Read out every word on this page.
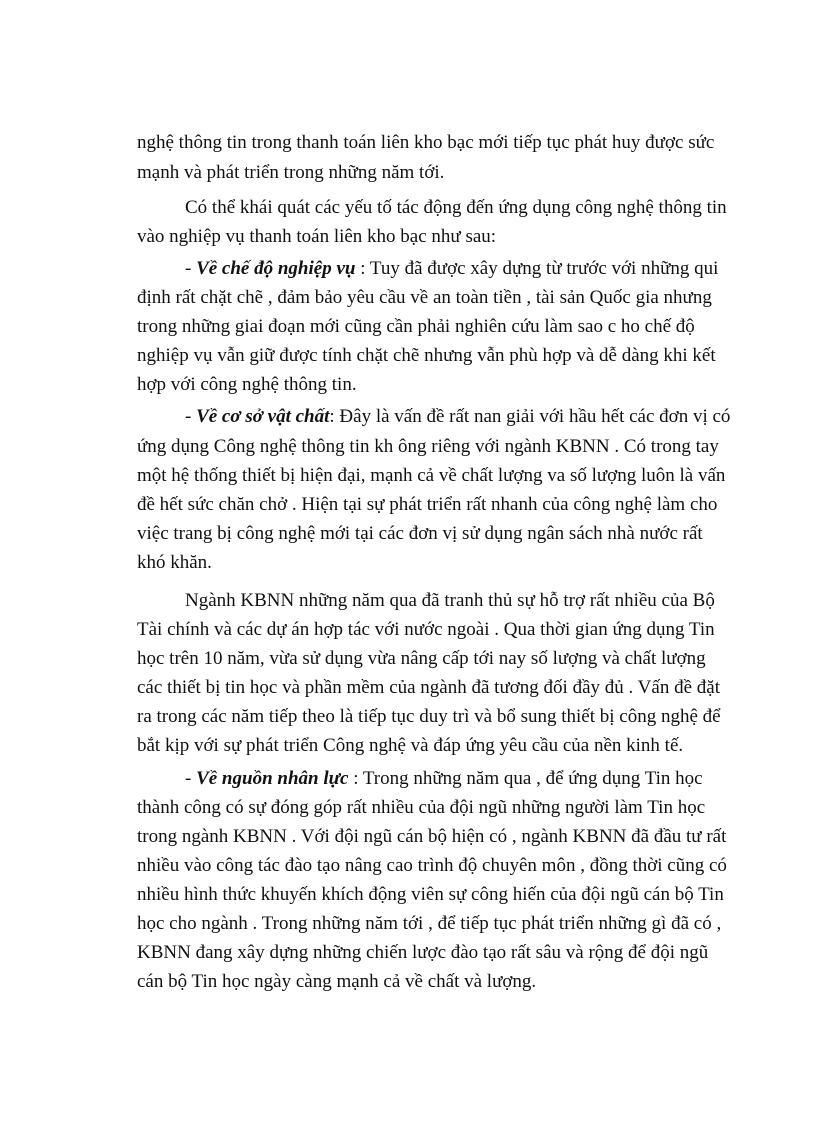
nghệ thông tin trong thanh toán liên kho bạc mới tiếp tục phát huy được sức
mạnh và phát triển trong những năm tới.
Có thể khái quát các yếu tố tác động đến ứng dụng công nghệ thông tin
vào nghiệp vụ thanh toán liên kho bạc như sau:
- Về chế độ nghiệp vụ : Tuy đã được xây dựng từ trước với những qui
định rất chặt chẽ , đảm bảo yêu cầu về an toàn tiền , tài sản Quốc gia nhưng
trong những giai đoạn mới cũng cần phải nghiên cứu làm sao c ho chế độ
nghiệp vụ vẫn giữ được tính chặt chẽ nhưng vẫn phù hợp và dễ dàng khi kết
hợp với công nghệ thông tin.
- Về cơ sở vật chất: Đây là vấn đề rất nan giải với hầu hết các đơn vị có
ứng dụng Công nghệ thông tin kh ông riêng với ngành KBNN . Có trong tay
một hệ thống thiết bị hiện đại, mạnh cả về chất lượng va số lượng luôn là vấn
đề hết sức chăn chở . Hiện tại sự phát triển rất nhanh của công nghệ làm cho
việc trang bị công nghệ mới tại các đơn vị sử dụng ngân sách nhà nước rất
khó khăn.
Ngành KBNN những năm qua đã tranh thủ sự hỗ trợ rất nhiều của Bộ
Tài chính và các dự án hợp tác với nước ngoài . Qua thời gian ứng dụng Tin
học trên 10 năm, vừa sử dụng vừa nâng cấp tới nay số lượng và chất lượng
các thiết bị tin học và phần mềm của ngành đã tương đối đầy đủ . Vấn đề đặt
ra trong các năm tiếp theo là tiếp tục duy trì và bổ sung thiết bị công nghệ để
bắt kịp với sự phát triển Công nghệ và đáp ứng yêu cầu của nền kinh tế.
- Về nguồn nhân lực : Trong những năm qua , để ứng dụng Tin học
thành công có sự đóng góp rất nhiều của đội ngũ những người làm Tin học
trong ngành KBNN . Với đội ngũ cán bộ hiện có , ngành KBNN đã đầu tư rất
nhiều vào công tác đào tạo nâng cao trình độ chuyên môn , đồng thời cũng có
nhiều hình thức khuyến khích động viên sự công hiến của đội ngũ cán bộ Tin
học cho ngành . Trong những năm tới , để tiếp tục phát triển những gì đã có ,
KBNN đang xây dựng những chiến lược đào tạo rất sâu và rộng để đội ngũ
cán bộ Tin học ngày càng mạnh cả về chất và lượng.
